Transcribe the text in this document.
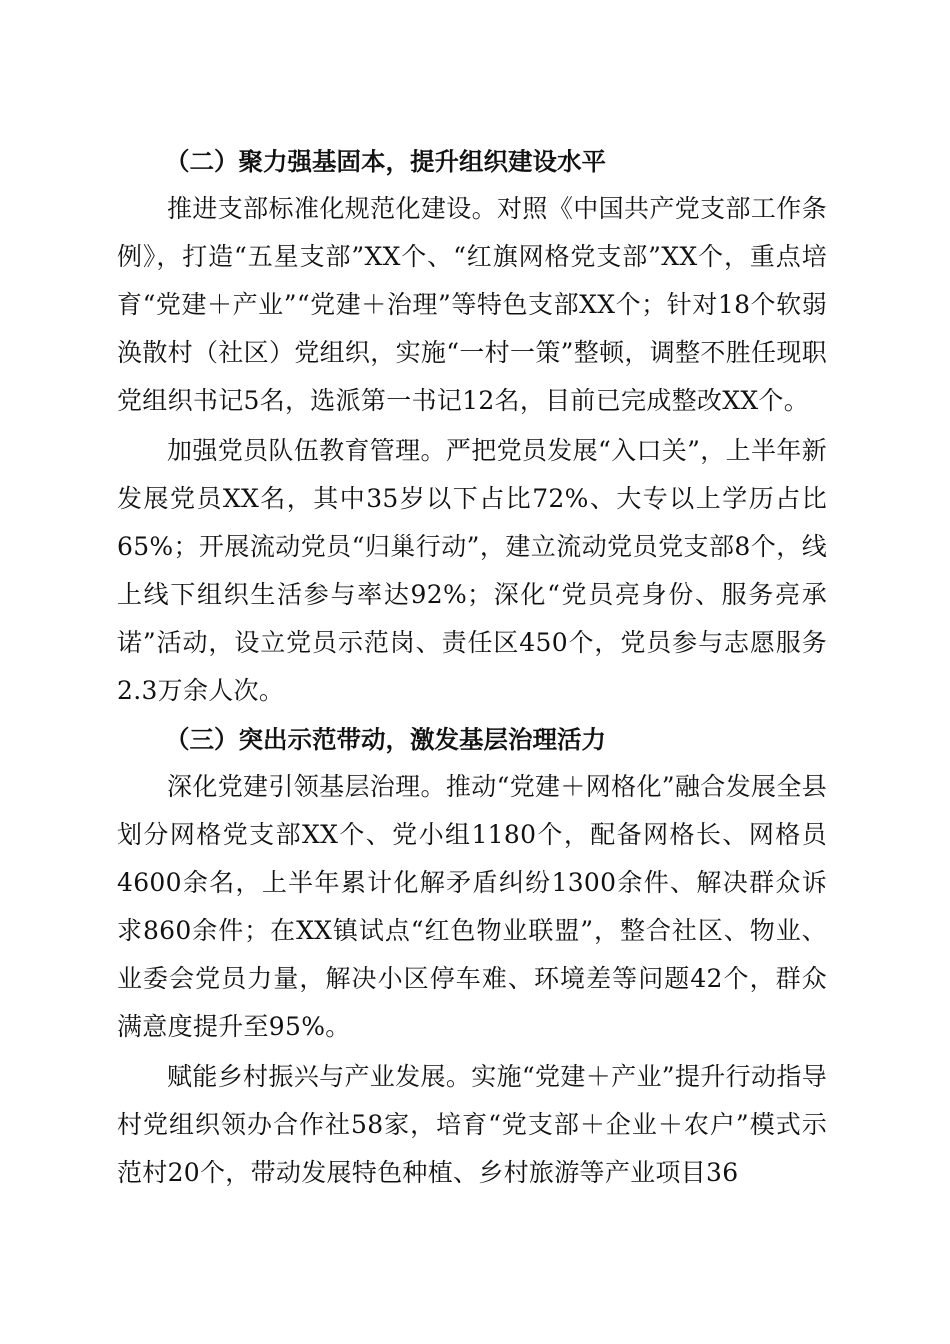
（二）聚力强基固本，提升组织建设水平

推进支部标准化规范化建设。对照《中国共产党支部工作条例》，打造“五星支部”XX个、“红旗网格党支部”XX个，重点培育“党建＋产业”“党建＋治理”等特色支部XX个；针对18个软弱涣散村（社区）党组织，实施“一村一策”整顿，调整不胜任现职党组织书记5名，选派第一书记12名，目前已完成整改XX个。

加强党员队伍教育管理。严把党员发展“入口关”，上半年新发展党员XX名，其中35岁以下占比72%、大专以上学历占比65%；开展流动党员“归巢行动”，建立流动党员党支部8个，线上线下组织生活参与率达92%；深化“党员亮身份、服务亮承诺”活动，设立党员示范岗、责任区450个，党员参与志愿服务2.3万余人次。

（三）突出示范带动，激发基层治理活力

深化党建引领基层治理。推动“党建＋网格化”融合发展全县划分网格党支部XX个、党小组1180个，配备网格长、网格员4600余名，上半年累计化解矛盾纠纷1300余件、解决群众诉求860余件；在XX镇试点“红色物业联盟”，整合社区、物业、业委会党员力量，解决小区停车难、环境差等问题42个，群众满意度提升至95%。

赋能乡村振兴与产业发展。实施“党建＋产业”提升行动指导村党组织领办合作社58家，培育“党支部＋企业＋农户”模式示范村20个，带动发展特色种植、乡村旅游等产业项目36
